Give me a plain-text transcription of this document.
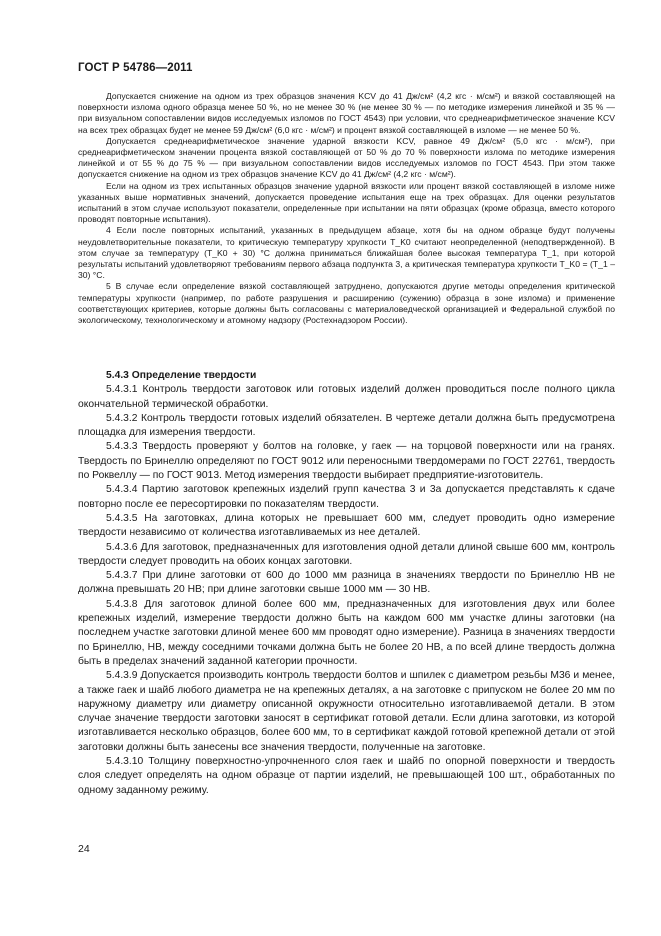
ГОСТ Р 54786—2011

Допускается снижение на одном из трех образцов значения KCV до 41 Дж/см² (4,2 кгс · м/см²) и вязкой составляющей на поверхности излома одного образца менее 50 %, но не менее 30 % (не менее 30 % — по методике измерения линейкой и 35 % — при визуальном сопоставлении видов исследуемых изломов по ГОСТ 4543) при условии, что среднеарифметическое значение KCV на всех трех образцах будет не менее 59 Дж/см² (6,0 кгс · м/см²) и процент вязкой составляющей в изломе — не менее 50 %.

Допускается среднеарифметическое значение ударной вязкости KCV, равное 49 Дж/см² (5,0 кгс · м/см²), при среднеарифметическом значении процента вязкой составляющей от 50 % до 70 % поверхности излома по методике измерения линейкой и от 55 % до 75 % — при визуальном сопоставлении видов исследуемых изломов по ГОСТ 4543. При этом также допускается снижение на одном из трех образцов значение KCV до 41 Дж/см² (4,2 кгс · м/см²).

Если на одном из трех испытанных образцов значение ударной вязкости или процент вязкой составляющей в изломе ниже указанных выше нормативных значений, допускается проведение испытания еще на трех образцах. Для оценки результатов испытаний в этом случае используют показатели, определенные при испытании на пяти образцах (кроме образца, вместо которого проводят повторные испытания).

4 Если после повторных испытаний, указанных в предыдущем абзаце, хотя бы на одном образце будут получены неудовлетворительные показатели, то критическую температуру хрупкости T_K0 считают неопределенной (неподтвержденной). В этом случае за температуру (T_K0 + 30) °C должна приниматься ближайшая более высокая температура T_1, при которой результаты испытаний удовлетворяют требованиям первого абзаца подпункта 3, а критическая температура хрупкости T_K0 = (T_1 – 30) °C.

5 В случае если определение вязкой составляющей затруднено, допускаются другие методы определения критической температуры хрупкости (например, по работе разрушения и расширению (сужению) образца в зоне излома) и применение соответствующих критериев, которые должны быть согласованы с материаловедческой организацией и Федеральной службой по экологическому, технологическому и атомному надзору (Ростехнадзором России).

5.4.3 Определение твердости

5.4.3.1 Контроль твердости заготовок или готовых изделий должен проводиться после полного цикла окончательной термической обработки.

5.4.3.2 Контроль твердости готовых изделий обязателен. В чертеже детали должна быть предусмотрена площадка для измерения твердости.

5.4.3.3 Твердость проверяют у болтов на головке, у гаек — на торцовой поверхности или на гранях. Твердость по Бринеллю определяют по ГОСТ 9012 или переносными твердомерами по ГОСТ 22761, твердость по Роквеллу — по ГОСТ 9013. Метод измерения твердости выбирает предприятие-изготовитель.

5.4.3.4 Партию заготовок крепежных изделий групп качества 3 и 3а допускается представлять к сдаче повторно после ее пересортировки по показателям твердости.

5.4.3.5 На заготовках, длина которых не превышает 600 мм, следует проводить одно измерение твердости независимо от количества изготавливаемых из нее деталей.

5.4.3.6 Для заготовок, предназначенных для изготовления одной детали длиной свыше 600 мм, контроль твердости следует проводить на обоих концах заготовки.

5.4.3.7 При длине заготовки от 600 до 1000 мм разница в значениях твердости по Бринеллю HB не должна превышать 20 HB; при длине заготовки свыше 1000 мм — 30 HB.

5.4.3.8 Для заготовок длиной более 600 мм, предназначенных для изготовления двух или более крепежных изделий, измерение твердости должно быть на каждом 600 мм участке длины заготовки (на последнем участке заготовки длиной менее 600 мм проводят одно измерение). Разница в значениях твердости по Бринеллю, HB, между соседними точками должна быть не более 20 HB, а по всей длине твердость должна быть в пределах значений заданной категории прочности.

5.4.3.9 Допускается производить контроль твердости болтов и шпилек с диаметром резьбы М36 и менее, а также гаек и шайб любого диаметра не на крепежных деталях, а на заготовке с припуском не более 20 мм по наружному диаметру или диаметру описанной окружности относительно изготавливаемой детали. В этом случае значение твердости заготовки заносят в сертификат готовой детали. Если длина заготовки, из которой изготавливается несколько образцов, более 600 мм, то в сертификат каждой готовой крепежной детали от этой заготовки должны быть занесены все значения твердости, полученные на заготовке.

5.4.3.10 Толщину поверхностно-упрочненного слоя гаек и шайб по опорной поверхности и твердость слоя следует определять на одном образце от партии изделий, не превышающей 100 шт., обработанных по одному заданному режиму.

24
